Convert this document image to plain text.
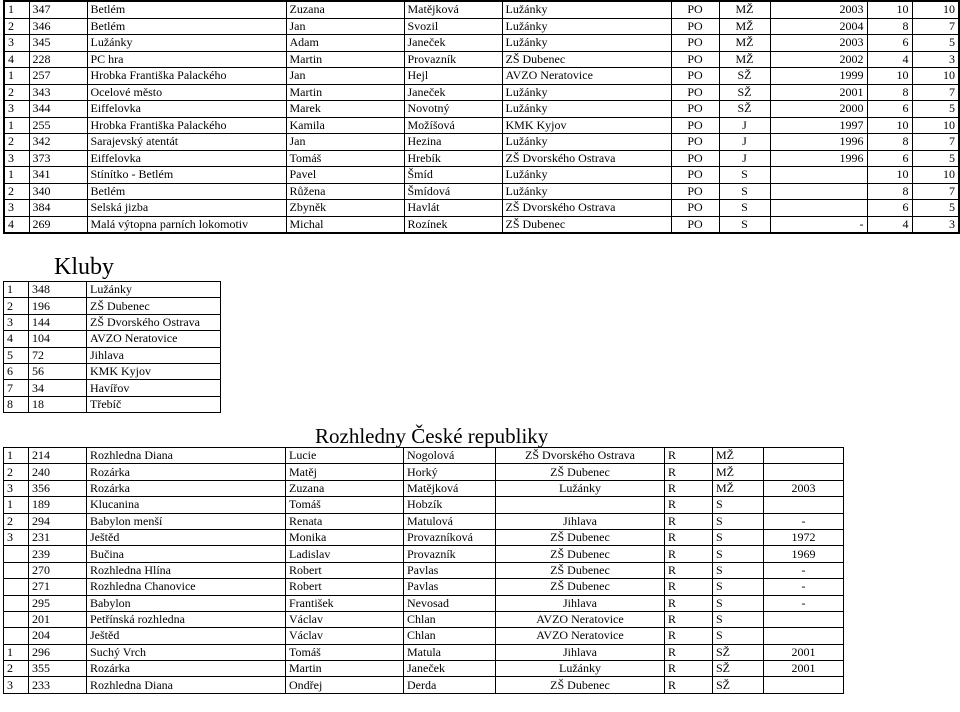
1	347	Betlém	Zuzana	Matějková	Lužánky	PO	MŽ	2003	10	10
2	346	Betlém	Jan	Svozil	Lužánky	PO	MŽ	2004	8	7
3	345	Lužánky	Adam	Janeček	Lužánky	PO	MŽ	2003	6	5
4	228	PC hra	Martin	Provazník	ZŠ Dubenec	PO	MŽ	2002	4	3
1	257	Hrobka Františka Palackého	Jan	Hejl	AVZO Neratovice	PO	SŽ	1999	10	10
2	343	Ocelové město	Martin	Janeček	Lužánky	PO	SŽ	2001	8	7
3	344	Eiffelovka	Marek	Novotný	Lužánky	PO	SŽ	2000	6	5
1	255	Hrobka Františka Palackého	Kamila	Možíšová	KMK Kyjov	PO	J	1997	10	10
2	342	Sarajevský atentát	Jan	Hezina	Lužánky	PO	J	1996	8	7
3	373	Eiffelovka	Tomáš	Hrebík	ZŠ Dvorského Ostrava	PO	J	1996	6	5
1	341	Stínítko - Betlém	Pavel	Šmíd	Lužánky	PO	S		10	10
2	340	Betlém	Růžena	Šmídová	Lužánky	PO	S		8	7
3	384	Selská jizba	Zbyněk	Havlát	ZŠ Dvorského Ostrava	PO	S		6	5
4	269	Malá výtopna parních lokomotiv	Michal	Rozínek	ZŠ Dubenec	PO	S	-	4	3
Kluby
1	348	Lužánky
2	196	ZŠ Dubenec
3	144	ZŠ Dvorského Ostrava
4	104	AVZO Neratovice
5	72	Jihlava
6	56	KMK Kyjov
7	34	Havířov
8	18	Třebíč
Rozhledny České republiky
1	214	Rozhledna Diana	Lucie	Nogolová	ZŠ Dvorského Ostrava	R	MŽ	
2	240	Rozárka	Matěj	Horký	ZŠ Dubenec	R	MŽ	
3	356	Rozárka	Zuzana	Matějková	Lužánky	R	MŽ	2003
1	189	Klucanina	Tomáš	Hobzík		R	S	
2	294	Babylon menší	Renata	Matulová	Jihlava	R	S	-
3	231	Ještěd	Monika	Provazníková	ZŠ Dubenec	R	S	1972
	239	Bučina	Ladislav	Provazník	ZŠ Dubenec	R	S	1969
	270	Rozhledna Hlína	Robert	Pavlas	ZŠ Dubenec	R	S	-
	271	Rozhledna Chanovice	Robert	Pavlas	ZŠ Dubenec	R	S	-
	295	Babylon	František	Nevosad	Jihlava	R	S	-
	201	Petřínská rozhledna	Václav	Chlan	AVZO Neratovice	R	S	
	204	Ještěd	Václav	Chlan	AVZO Neratovice	R	S	
1	296	Suchý Vrch	Tomáš	Matula	Jihlava	R	SŽ	2001
2	355	Rozárka	Martin	Janeček	Lužánky	R	SŽ	2001
3	233	Rozhledna Diana	Ondřej	Derda	ZŠ Dubenec	R	SŽ	
